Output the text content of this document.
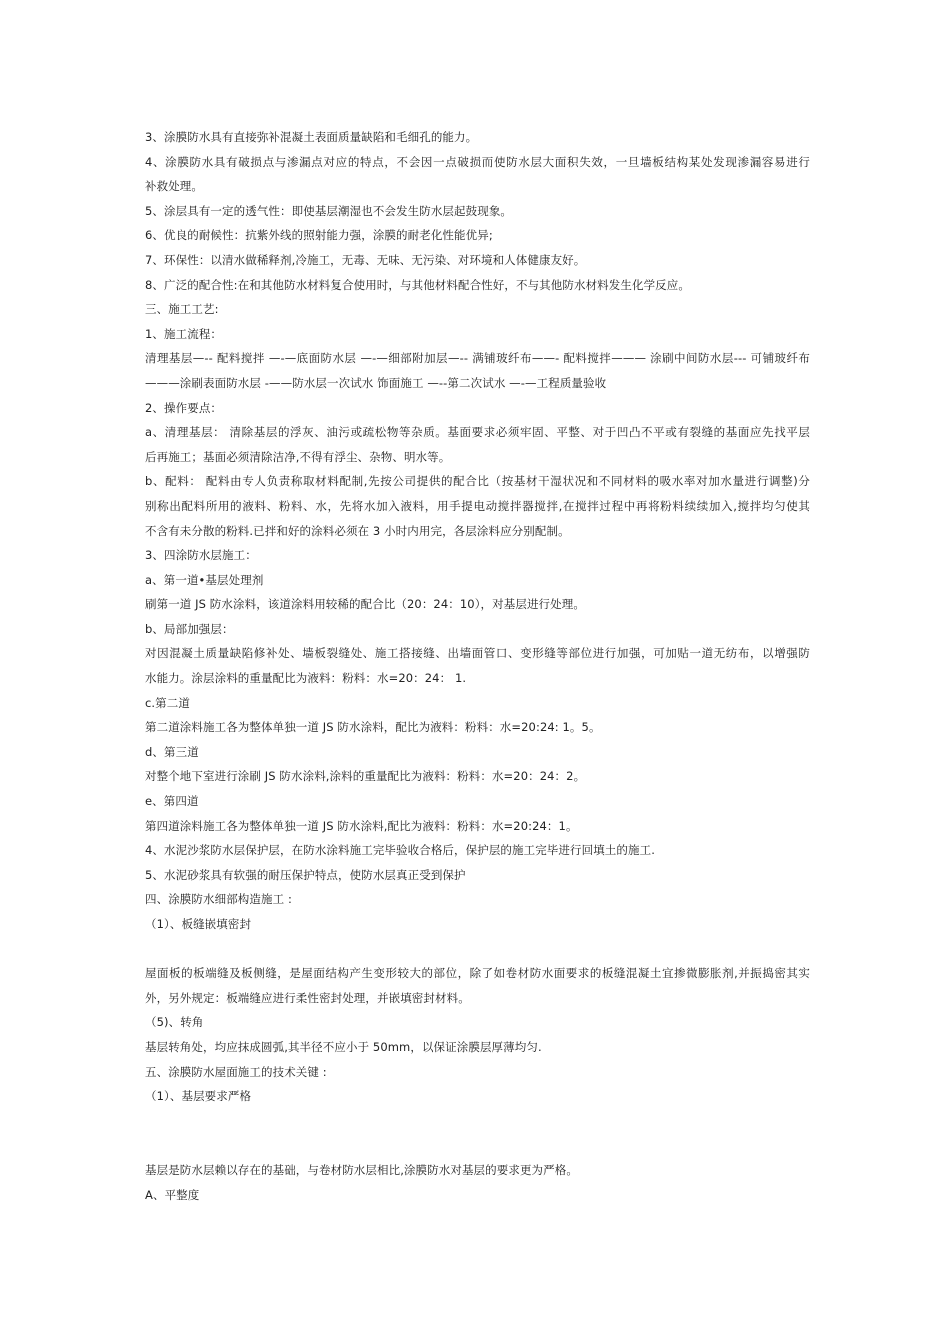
3、涂膜防水具有直接弥补混凝土表面质量缺陷和毛细孔的能力。
4、涂膜防水具有破损点与渗漏点对应的特点，不会因一点破损而使防水层大面积失效，一旦墙板结构某处发现渗漏容易进行
补救处理。
5、涂层具有一定的透气性：即使基层潮湿也不会发生防水层起鼓现象。
6、优良的耐候性：抗紫外线的照射能力强，涂膜的耐老化性能优异;
7、环保性：以清水做稀释剂,冷施工，无毒、无味、无污染、对环境和人体健康友好。
8、广泛的配合性:在和其他防水材料复合使用时，与其他材料配合性好，不与其他防水材料发生化学反应。
三、施工工艺:
1、施工流程：
清理基层—-- 配料搅拌 —-—底面防水层 —-—细部附加层—-- 满铺玻纤布——- 配料搅拌——— 涂刷中间防水层--- 可铺玻纤布
———涂刷表面防水层 -——防水层一次试水 饰面施工 —--第二次试水 —-—工程质量验收
2、操作要点：
a、清理基层： 清除基层的浮灰、油污或疏松物等杂质。基面要求必须牢固、平整、对于凹凸不平或有裂缝的基面应先找平层
后再施工；基面必须清除洁净,不得有浮尘、杂物、明水等。
b、配料： 配料由专人负责称取材料配制,先按公司提供的配合比（按基材干湿状况和不同材料的吸水率对加水量进行调整)分
别称出配料所用的液料、粉料、水，先将水加入液料，用手提电动搅拌器搅拌,在搅拌过程中再将粉料续续加入,搅拌均匀使其
不含有未分散的粉料.已拌和好的涂料必须在 3 小时内用完，各层涂料应分别配制。
3、四涂防水层施工：
a、第一道•基层处理剂
刷第一道 JS 防水涂料，该道涂料用较稀的配合比（20：24：10），对基层进行处理。
b、局部加强层：
对因混凝土质量缺陷修补处、墙板裂缝处、施工搭接缝、出墙面管口、变形缝等部位进行加强，可加贴一道无纺布，以增强防
水能力。涂层涂料的重量配比为液料：粉料：水=20：24： 1.
c.第二道
第二道涂料施工各为整体单独一道 JS 防水涂料，配比为液料：粉料：水=20:24: 1。5。
d、第三道
对整个地下室进行涂刷 JS 防水涂料,涂料的重量配比为液料：粉料：水=20：24：2。
e、第四道
第四道涂料施工各为整体单独一道 JS 防水涂料,配比为液料：粉料：水=20:24：1。
4、水泥沙浆防水层保护层，在防水涂料施工完毕验收合格后，保护层的施工完毕进行回填土的施工.
5、水泥砂浆具有软强的耐压保护特点，使防水层真正受到保护
四、涂膜防水细部构造施工 :
（1）、板缝嵌填密封
屋面板的板端缝及板侧缝，是屋面结构产生变形较大的部位，除了如卷材防水面要求的板缝混凝土宜掺微膨胀剂,并振捣密其实
外，另外规定：板端缝应进行柔性密封处理，并嵌填密封材料。
（5)、转角
基层转角处，均应抹成圆弧,其半径不应小于 50mm，以保证涂膜层厚薄均匀.
五、涂膜防水屋面施工的技术关键 :
（1）、基层要求严格
基层是防水层赖以存在的基础，与卷材防水层相比,涂膜防水对基层的要求更为严格。
A、平整度
